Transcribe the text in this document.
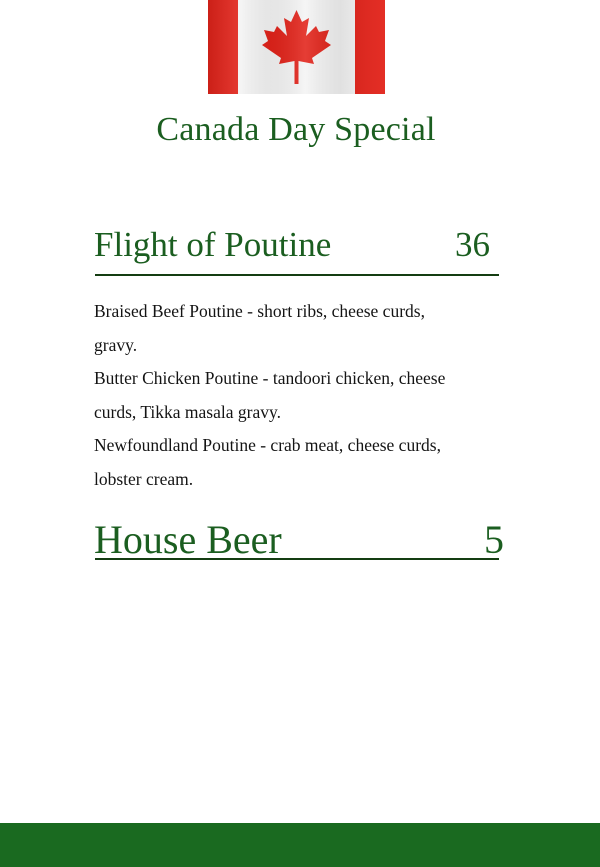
Canada Day Special
Flight of Poutine	36
Braised Beef Poutine - short ribs, cheese curds,
gravy.
Butter Chicken Poutine - tandoori chicken, cheese
curds, Tikka masala gravy.
Newfoundland Poutine - crab meat, cheese curds,
lobster cream.
House Beer	5
